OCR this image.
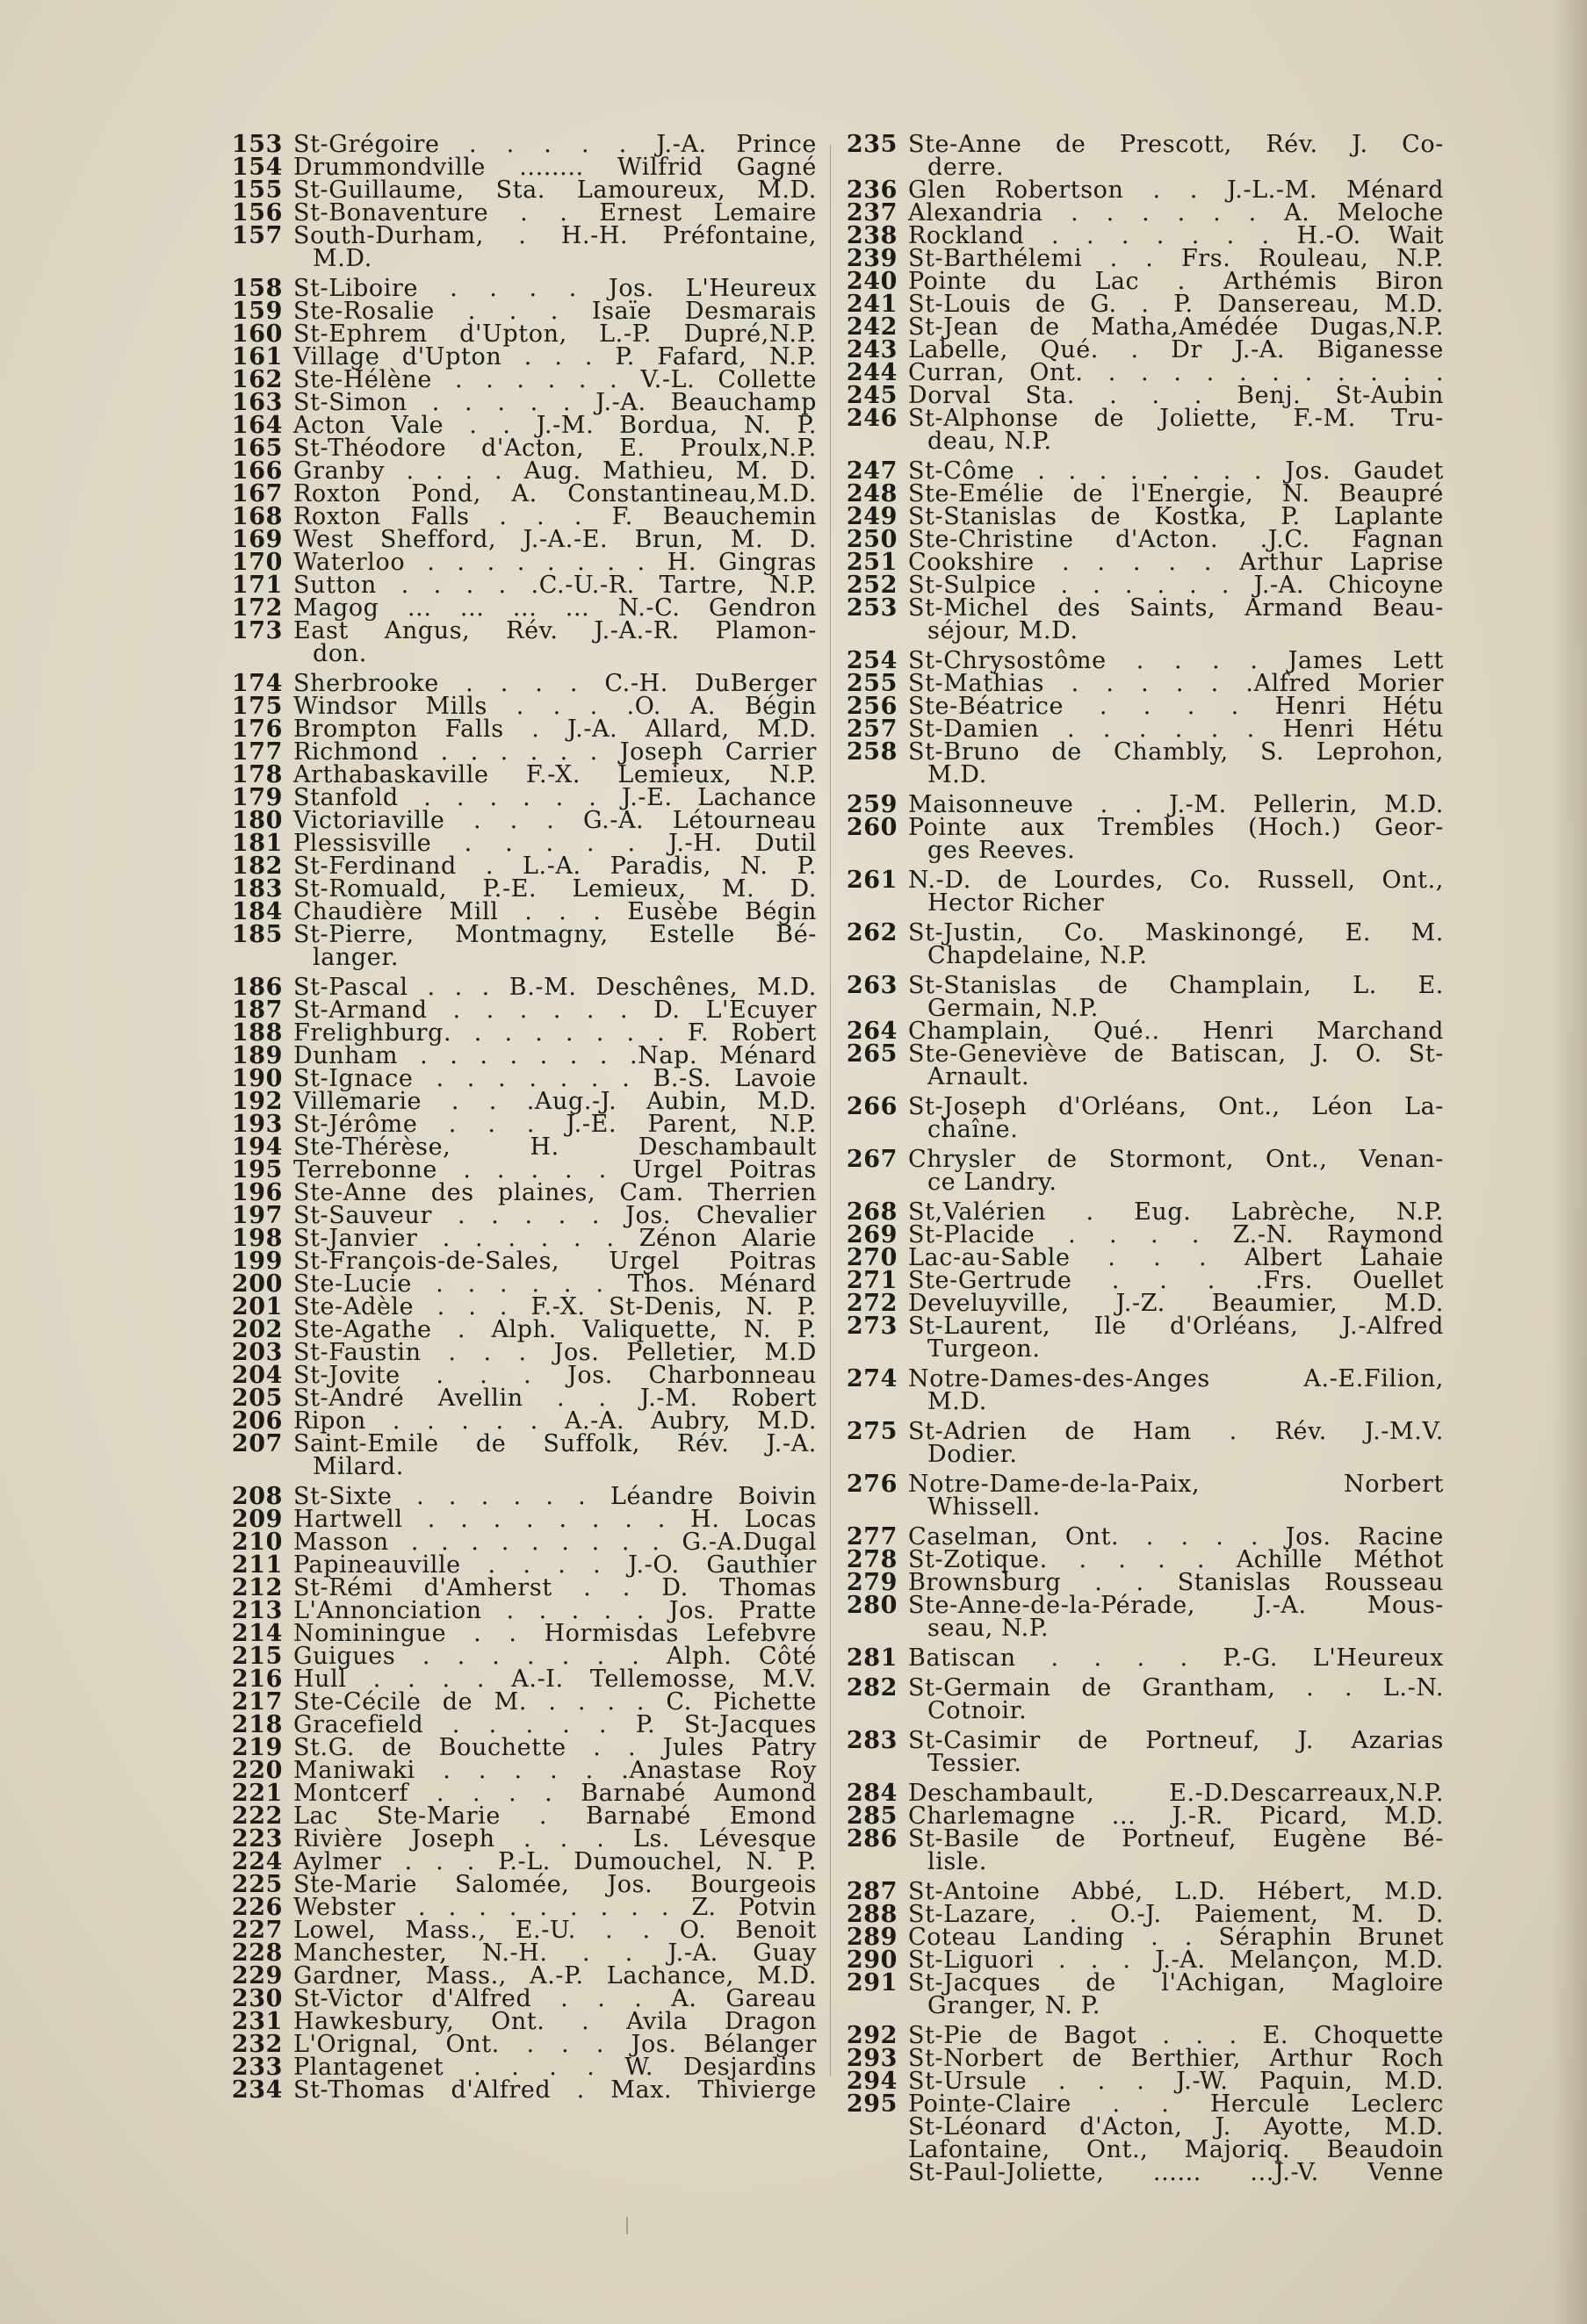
153 St-Grégoire . . . . . J.-A. Prince
154 Drummondville ........ Wilfrid Gagné
155 St-Guillaume, Sta. Lamoureux, M.D.
156 St-Bonaventure . . Ernest Lemaire
157 South-Durham, . H.-H. Préfontaine,
M.D.
158 St-Liboire . . . . Jos. L'Heureux
159 Ste-Rosalie . . . Isaïe Desmarais
160 St-Ephrem d'Upton, L.-P. Dupré,N.P.
161 Village d'Upton . . . P. Fafard, N.P.
162 Ste-Hélène . . . . . . V.-L. Collette
163 St-Simon . . . . . J.-A. Beauchamp
164 Acton Vale . . J.-M. Bordua, N. P.
165 St-Théodore d'Acton, E. Proulx,N.P.
166 Granby . . . . Aug. Mathieu, M. D.
167 Roxton Pond, A. Constantineau,M.D.
168 Roxton Falls . . . F. Beauchemin
169 West Shefford, J.-A.-E. Brun, M. D.
170 Waterloo . . . . . . . . H. Gingras
171 Sutton . . . . .C.-U.-R. Tartre, N.P.
172 Magog ... ... ... ... N.-C. Gendron
173 East Angus, Rév. J.-A.-R. Plamon-
don.
174 Sherbrooke . . . . C.-H. DuBerger
175 Windsor Mills . . . .O. A. Bégin
176 Brompton Falls . J.-A. Allard, M.D.
177 Richmond . . . . . . Joseph Carrier
178 Arthabaskaville F.-X. Lemieux, N.P.
179 Stanfold . . . . . . J.-E. Lachance
180 Victoriaville . . . G.-A. Létourneau
181 Plessisville . . . . . J.-H. Dutil
182 St-Ferdinand . L.-A. Paradis, N. P.
183 St-Romuald, P.-E. Lemieux, M. D.
184 Chaudière Mill . . . Eusèbe Bégin
185 St-Pierre, Montmagny, Estelle Bé-
langer.
186 St-Pascal . . . B.-M. Deschênes, M.D.
187 St-Armand . . . . . . D. L'Ecuyer
188 Frelighburg. . . . . . . . F. Robert
189 Dunham . . . . . . . .Nap. Ménard
190 St-Ignace . . . . . . . B.-S. Lavoie
192 Villemarie . . .Aug.-J. Aubin, M.D.
193 St-Jérôme . . . J.-E. Parent, N.P.
194 Ste-Thérèse, H. Deschambault
195 Terrebonne . . . . . Urgel Poitras
196 Ste-Anne des plaines, Cam. Therrien
197 St-Sauveur . . . . . Jos. Chevalier
198 St-Janvier . . . . . . Zénon Alarie
199 St-François-de-Sales, Urgel Poitras
200 Ste-Lucie . . . . . . Thos. Ménard
201 Ste-Adèle . . . F.-X. St-Denis, N. P.
202 Ste-Agathe . Alph. Valiquette, N. P.
203 St-Faustin . . . Jos. Pelletier, M.D
204 St-Jovite . . . Jos. Charbonneau
205 St-André Avellin . . J.-M. Robert
206 Ripon . . . . . A.-A. Aubry, M.D.
207 Saint-Emile de Suffolk, Rév. J.-A.
Milard.
208 St-Sixte . . . . . . Léandre Boivin
209 Hartwell . . . . . . . . H. Locas
210 Masson . . . . . . . . . G.-A.Dugal
211 Papineauville . . . . J.-O. Gauthier
212 St-Rémi d'Amherst . . D. Thomas
213 L'Annonciation . . . . . Jos. Pratte
214 Nominingue . . Hormisdas Lefebvre
215 Guigues . . . . . . . Alph. Côté
216 Hull . . . . A.-I. Tellemosse, M.V.
217 Ste-Cécile de M. . . . . C. Pichette
218 Gracefield . . . . . P. St-Jacques
219 St.G. de Bouchette . . Jules Patry
220 Maniwaki . . . . . .Anastase Roy
221 Montcerf . . . . Barnabé Aumond
222 Lac Ste-Marie . Barnabé Emond
223 Rivière Joseph . . . Ls. Lévesque
224 Aylmer . . . P.-L. Dumouchel, N. P.
225 Ste-Marie Salomée, Jos. Bourgeois
226 Webster . . . . . . . . . Z. Potvin
227 Lowel, Mass., E.-U. . . O. Benoit
228 Manchester, N.-H. . . J.-A. Guay
229 Gardner, Mass., A.-P. Lachance, M.D.
230 St-Victor d'Alfred . . . A. Gareau
231 Hawkesbury, Ont. . Avila Dragon
232 L'Orignal, Ont. . . . Jos. Bélanger
233 Plantagenet . . . . W. Desjardins
234 St-Thomas d'Alfred . Max. Thivierge
235 Ste-Anne de Prescott, Rév. J. Co-
derre.
236 Glen Robertson . . J.-L.-M. Ménard
237 Alexandria . . . . . . A. Meloche
238 Rockland . . . . . . . H.-O. Wait
239 St-Barthélemi . . Frs. Rouleau, N.P.
240 Pointe du Lac . Arthémis Biron
241 St-Louis de G. . P. Dansereau, M.D.
242 St-Jean de Matha,Amédée Dugas,N.P.
243 Labelle, Qué. . Dr J.-A. Biganesse
244 Curran, Ont. . . . . . . . . . . .
245 Dorval Sta. . . . Benj. St-Aubin
246 St-Alphonse de Joliette, F.-M. Tru-
deau, N.P.
247 St-Côme . . . . . . . . Jos. Gaudet
248 Ste-Emélie de l'Energie, N. Beaupré
249 St-Stanislas de Kostka, P. Laplante
250 Ste-Christine d'Acton. .J.C. Fagnan
251 Cookshire . . . . . Arthur Laprise
252 St-Sulpice . . . . . . J.-A. Chicoyne
253 St-Michel des Saints, Armand Beau-
séjour, M.D.
254 St-Chrysostôme . . . . James Lett
255 St-Mathias . . . . . .Alfred Morier
256 Ste-Béatrice . . . . Henri Hétu
257 St-Damien . . . . . . Henri Hétu
258 St-Bruno de Chambly, S. Leprohon,
M.D.
259 Maisonneuve . . J.-M. Pellerin, M.D.
260 Pointe aux Trembles (Hoch.) Geor-
ges Reeves.
261 N.-D. de Lourdes, Co. Russell, Ont.,
Hector Richer
262 St-Justin, Co. Maskinongé, E. M.
Chapdelaine, N.P.
263 St-Stanislas de Champlain, L. E.
Germain, N.P.
264 Champlain, Qué.. Henri Marchand
265 Ste-Geneviève de Batiscan, J. O. St-
Arnault.
266 St-Joseph d'Orléans, Ont., Léon La-
chaîne.
267 Chrysler de Stormont, Ont., Venan-
ce Landry.
268 St,Valérien . Eug. Labrèche, N.P.
269 St-Placide . . . . Z.-N. Raymond
270 Lac-au-Sable . . . Albert Lahaie
271 Ste-Gertrude . . . .Frs. Ouellet
272 Develuyville, J.-Z. Beaumier, M.D.
273 St-Laurent, Ile d'Orléans, J.-Alfred
Turgeon.
274 Notre-Dames-des-Anges A.-E.Filion,
M.D.
275 St-Adrien de Ham . Rév. J.-M.V.
Dodier.
276 Notre-Dame-de-la-Paix, Norbert
Whissell.
277 Caselman, Ont. . . . . Jos. Racine
278 St-Zotique. . . . . Achille Méthot
279 Brownsburg . . Stanislas Rousseau
280 Ste-Anne-de-la-Pérade, J.-A. Mous-
seau, N.P.
281 Batiscan . . . . P.-G. L'Heureux
282 St-Germain de Grantham, . . L.-N.
Cotnoir.
283 St-Casimir de Portneuf, J. Azarias
Tessier.
284 Deschambault, E.-D.Descarreaux,N.P.
285 Charlemagne ... J.-R. Picard, M.D.
286 St-Basile de Portneuf, Eugène Bé-
lisle.
287 St-Antoine Abbé, L.D. Hébert, M.D.
288 St-Lazare, . O.-J. Paiement, M. D.
289 Coteau Landing . . Séraphin Brunet
290 St-Liguori . . . J.-A. Melançon, M.D.
291 St-Jacques de l'Achigan, Magloire
Granger, N. P.
292 St-Pie de Bagot . . . E. Choquette
293 St-Norbert de Berthier, Arthur Roch
294 St-Ursule . . . J.-W. Paquin, M.D.
295 Pointe-Claire . . Hercule Leclerc
St-Léonard d'Acton, J. Ayotte, M.D.
Lafontaine, Ont., Majoriq. Beaudoin
St-Paul-Joliette, ...... ...J.-V. Venne
